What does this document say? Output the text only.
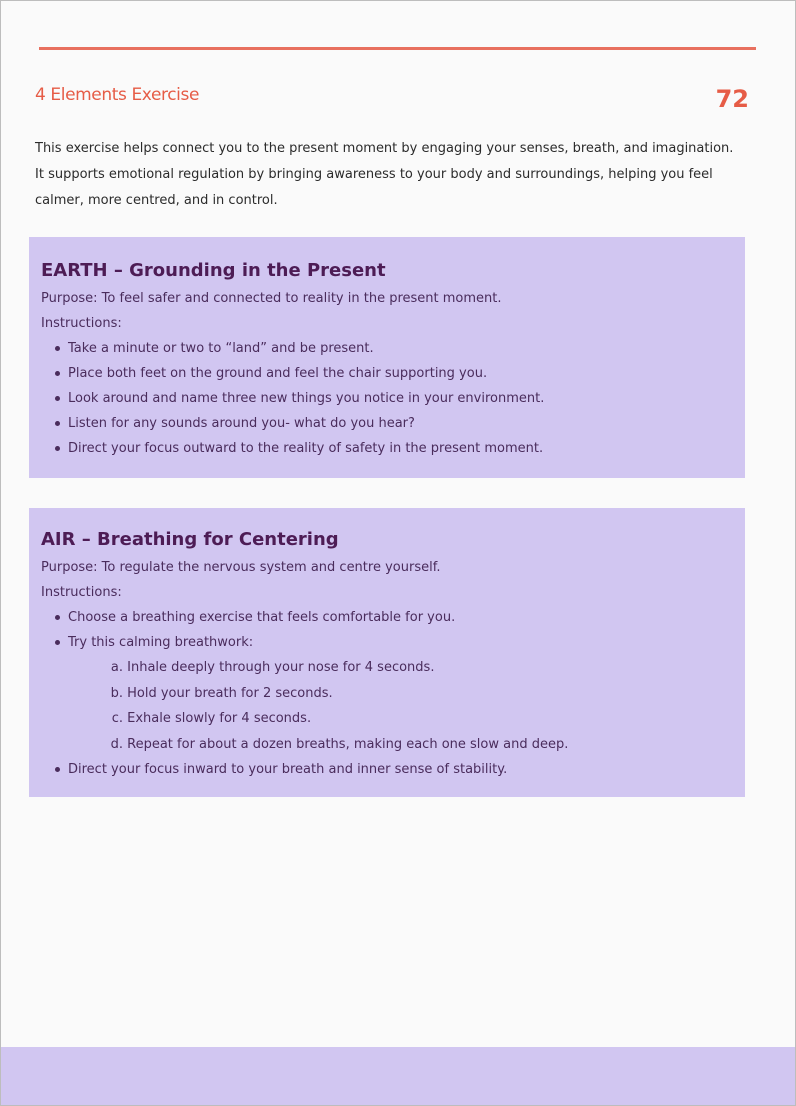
4 Elements Exercise	72

This exercise helps connect you to the present moment by engaging your senses, breath, and imagination. It supports emotional regulation by bringing awareness to your body and surroundings, helping you feel calmer, more centred, and in control.

EARTH – Grounding in the Present

Purpose: To feel safer and connected to reality in the present moment.

Instructions:

Take a minute or two to “land” and be present.
Place both feet on the ground and feel the chair supporting you.
Look around and name three new things you notice in your environment.
Listen for any sounds around you- what do you hear?
Direct your focus outward to the reality of safety in the present moment.
AIR – Breathing for Centering

Purpose: To regulate the nervous system and centre yourself.

Instructions:

Choose a breathing exercise that feels comfortable for you.
Try this calming breathwork:
a. Inhale deeply through your nose for 4 seconds.
b. Hold your breath for 2 seconds.
c. Exhale slowly for 4 seconds.
d. Repeat for about a dozen breaths, making each one slow and deep.
Direct your focus inward to your breath and inner sense of stability.
